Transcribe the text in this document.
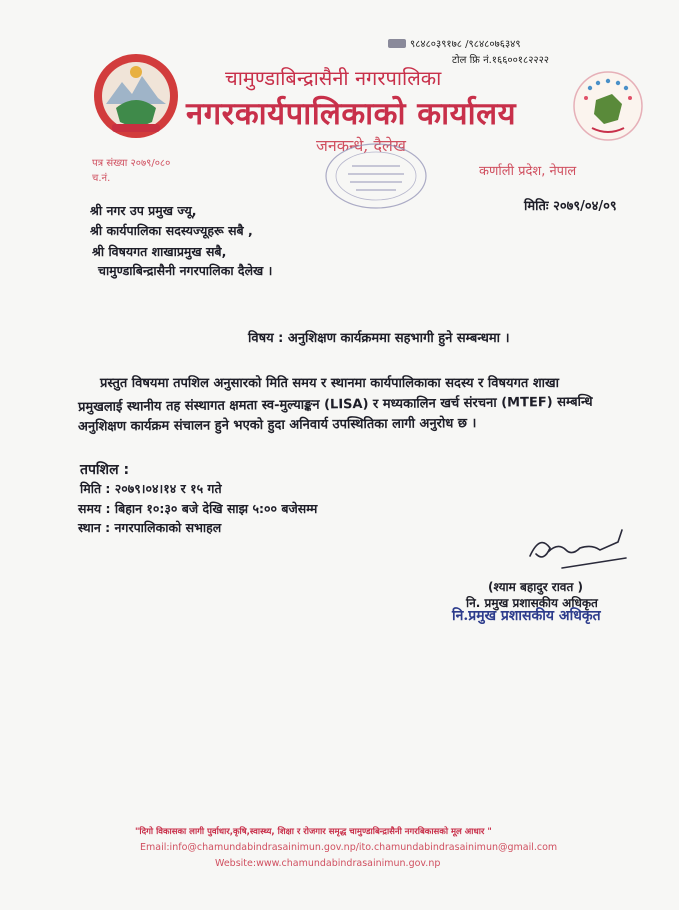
९८४८०३९१७८ /९८४८०७६३४९
टोल फ्रि नं.१६६००१८२२२२
चामुण्डाबिन्द्रासैनी नगरपालिका
नगरकार्यपालिकाको कार्यालय
जनकन्धे, दैलेख
पत्र संख्या २०७९/०८०
च.नं.	कर्णाली प्रदेश, नेपाल
मितिः २०७९/०४/०९
श्री नगर उप प्रमुख ज्यू,
श्री कार्यपालिका सदस्यज्यूहरू सबै ,
श्री विषयगत शाखाप्रमुख सबै,
चामुण्डाबिन्द्रासैनी नगरपालिका दैलेख ।
विषय : अनुशिक्षण कार्यक्रममा सहभागी हुने सम्बन्धमा ।
प्रस्तुत विषयमा तपशिल अनुसारको मिति समय र स्थानमा कार्यपालिकाका सदस्य र विषयगत शाखा
प्रमुखलाई स्थानीय तह संस्थागत क्षमता स्व-मुल्याङ्कन (LISA) र मध्यकालिन खर्च संरचना (MTEF) सम्बन्धि
अनुशिक्षण कार्यक्रम संचालन हुने भएको हुदा अनिवार्य उपस्थितिका लागी अनुरोध छ ।
तपशिल :
मिति : २०७९।०४।१४ र १५ गते
समय : बिहान १०:३० बजे देखि साझ ५:०० बजेसम्म
स्थान : नगरपालिकाको सभाहल
(श्याम बहादुर रावत )
नि. प्रमुख प्रशासकीय अधिकृत
नि.प्रमुख प्रशासकीय अधिकृत
"दिगो विकासका लागी पुर्वाधार,कृषि,स्वास्थ्य, शिक्षा र रोजगार समृद्ध चामुण्डाबिन्द्रासैनी नगरबिकासको मूल आधार "
Email:info@chamundabindrasainimun.gov.np/ito.chamundabindrasainimun@gmail.com
Website:www.chamundabindrasainimun.gov.np
